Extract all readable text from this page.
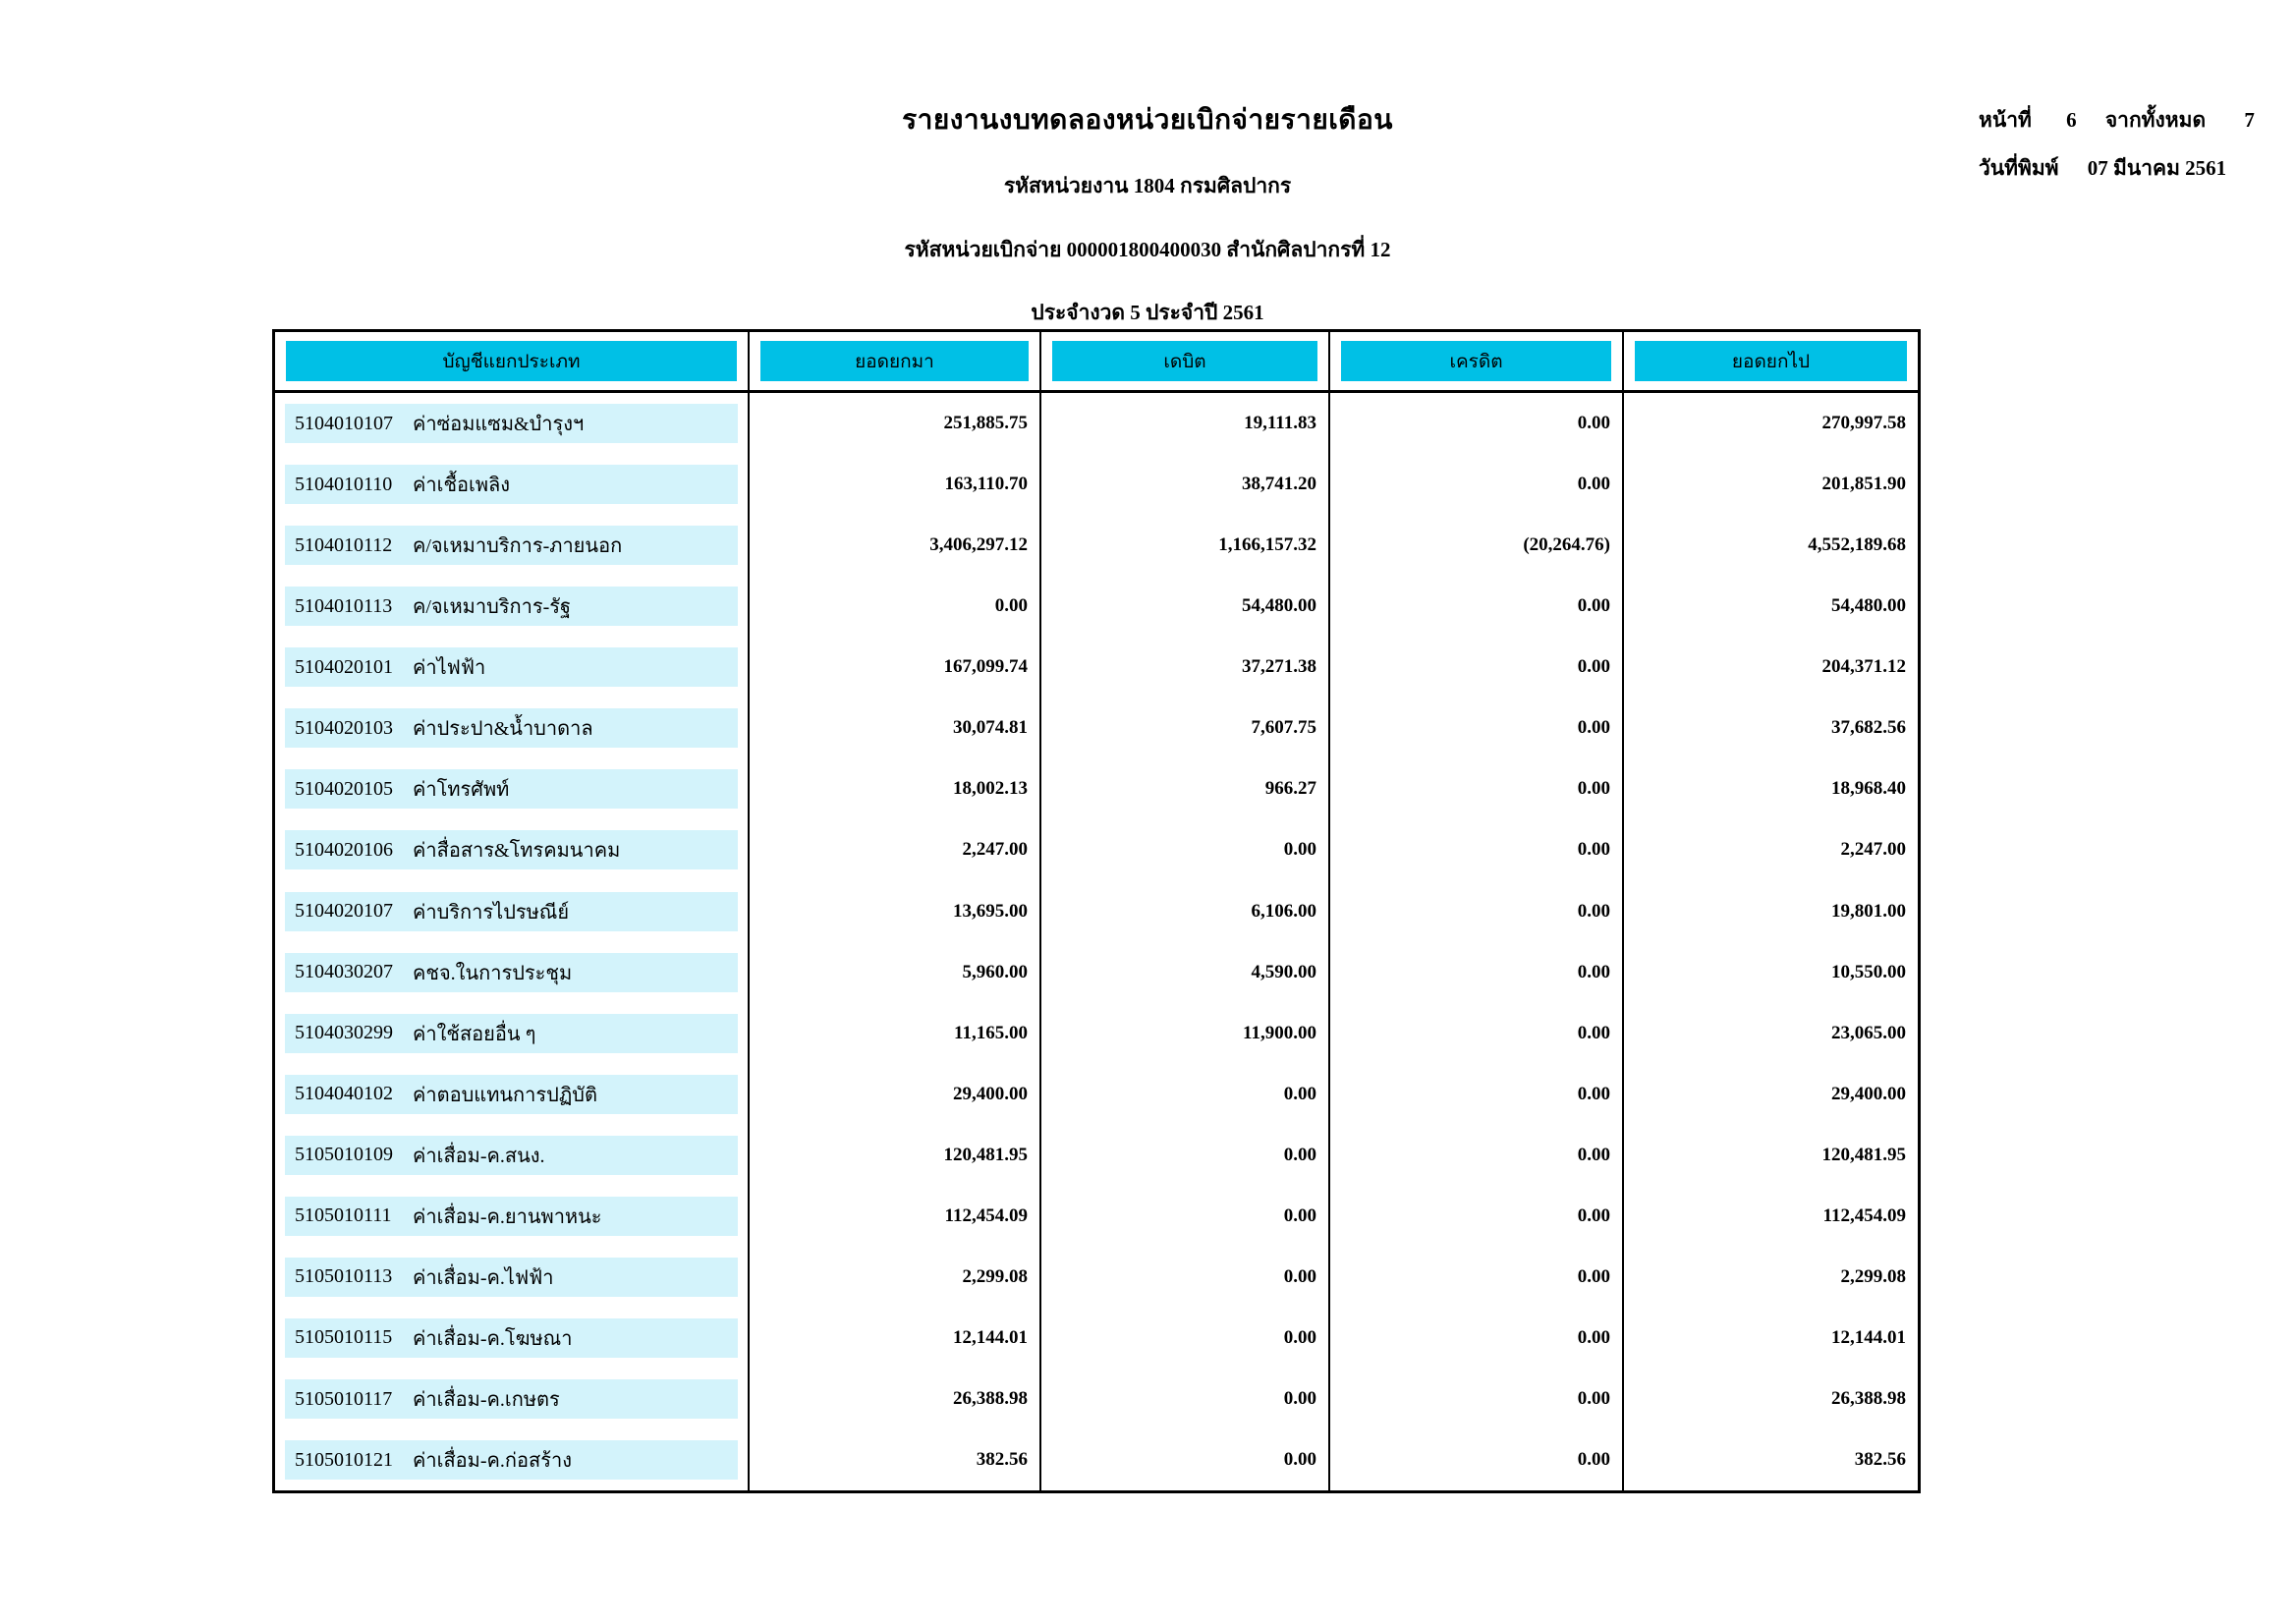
รายงานงบทดลองหน่วยเบิกจ่ายรายเดือน
รหัสหน่วยงาน 1804 กรมศิลปากร
รหัสหน่วยเบิกจ่าย 000001800400030 สำนักศิลปากรที่ 12
ประจำงวด 5 ประจำปี 2561
หน้าที่ 6 จากทั้งหมด 7
วันที่พิมพ์ 07 มีนาคม 2561
บัญชีแยกประเภท	ยอดยกมา	เดบิต	เครดิต	ยอดยกไป
5104010107	ค่าซ่อมแซม&บำรุงฯ	251,885.75	19,111.83	0.00	270,997.58
5104010110	ค่าเชื้อเพลิง	163,110.70	38,741.20	0.00	201,851.90
5104010112	ค/จเหมาบริการ-ภายนอก	3,406,297.12	1,166,157.32	(20,264.76)	4,552,189.68
5104010113	ค/จเหมาบริการ-รัฐ	0.00	54,480.00	0.00	54,480.00
5104020101	ค่าไฟฟ้า	167,099.74	37,271.38	0.00	204,371.12
5104020103	ค่าประปา&น้ำบาดาล	30,074.81	7,607.75	0.00	37,682.56
5104020105	ค่าโทรศัพท์	18,002.13	966.27	0.00	18,968.40
5104020106	ค่าสื่อสาร&โทรคมนาคม	2,247.00	0.00	0.00	2,247.00
5104020107	ค่าบริการไปรษณีย์	13,695.00	6,106.00	0.00	19,801.00
5104030207	คชจ.ในการประชุม	5,960.00	4,590.00	0.00	10,550.00
5104030299	ค่าใช้สอยอื่น ๆ	11,165.00	11,900.00	0.00	23,065.00
5104040102	ค่าตอบแทนการปฏิบัติ	29,400.00	0.00	0.00	29,400.00
5105010109	ค่าเสื่อม-ค.สนง.	120,481.95	0.00	0.00	120,481.95
5105010111	ค่าเสื่อม-ค.ยานพาหนะ	112,454.09	0.00	0.00	112,454.09
5105010113	ค่าเสื่อม-ค.ไฟฟ้า	2,299.08	0.00	0.00	2,299.08
5105010115	ค่าเสื่อม-ค.โฆษณา	12,144.01	0.00	0.00	12,144.01
5105010117	ค่าเสื่อม-ค.เกษตร	26,388.98	0.00	0.00	26,388.98
5105010121	ค่าเสื่อม-ค.ก่อสร้าง	382.56	0.00	0.00	382.56
